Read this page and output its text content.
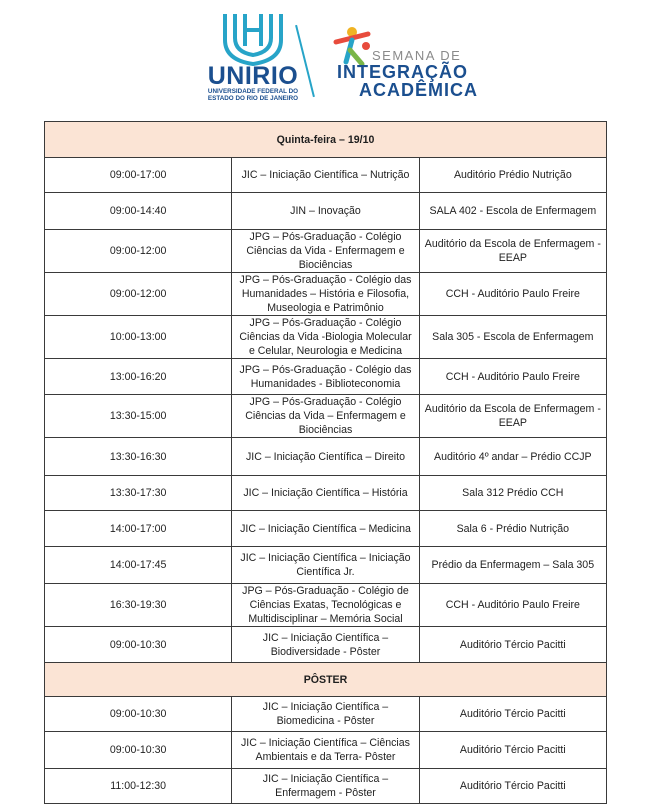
UNIRIO
UNIVERSIDADE FEDERAL DO
ESTADO DO RIO DE JANEIRO
SEMANA DE
INTEGRAÇÃO
ACADÊMICA
Quinta-feira – 19/10		
09:00-17:00	JIC – Iniciação Científica – Nutrição	Auditório Prédio Nutrição
09:00-14:40	JIN – Inovação	SALA 402 - Escola de Enfermagem
09:00-12:00	JPG – Pós-Graduação - Colégio Ciências da Vida - Enfermagem e Biociências	Auditório da Escola de Enfermagem - EEAP
09:00-12:00	JPG – Pós-Graduação - Colégio das Humanidades – História e Filosofia, Museologia e Patrimônio	CCH - Auditório Paulo Freire
10:00-13:00	JPG – Pós-Graduação - Colégio Ciências da Vida -Biologia Molecular e Celular, Neurologia e Medicina	Sala 305 - Escola de Enfermagem
13:00-16:20	JPG – Pós-Graduação - Colégio das Humanidades - Biblioteconomia	CCH - Auditório Paulo Freire
13:30-15:00	JPG – Pós-Graduação - Colégio Ciências da Vida – Enfermagem e Biociências	Auditório da Escola de Enfermagem - EEAP
13:30-16:30	JIC – Iniciação Científica – Direito	Auditório 4º andar – Prédio CCJP
13:30-17:30	JIC – Iniciação Científica – História	Sala 312 Prédio CCH
14:00-17:00	JIC – Iniciação Científica – Medicina	Sala 6 - Prédio Nutrição
14:00-17:45	JIC – Iniciação Científica – Iniciação Científica Jr.	Prédio da Enfermagem – Sala 305
16:30-19:30	JPG – Pós-Graduação - Colégio de Ciências Exatas, Tecnológicas e Multidisciplinar – Memória Social	CCH - Auditório Paulo Freire
09:00-10:30	JIC – Iniciação Científica – Biodiversidade - Pôster	Auditório Tércio Pacitti
PÔSTER		
09:00-10:30	JIC – Iniciação Científica – Biomedicina - Pôster	Auditório Tércio Pacitti
09:00-10:30	JIC – Iniciação Científica – Ciências Ambientais e da Terra- Pôster	Auditório Tércio Pacitti
11:00-12:30	JIC – Iniciação Científica – Enfermagem - Pôster	Auditório Tércio Pacitti
